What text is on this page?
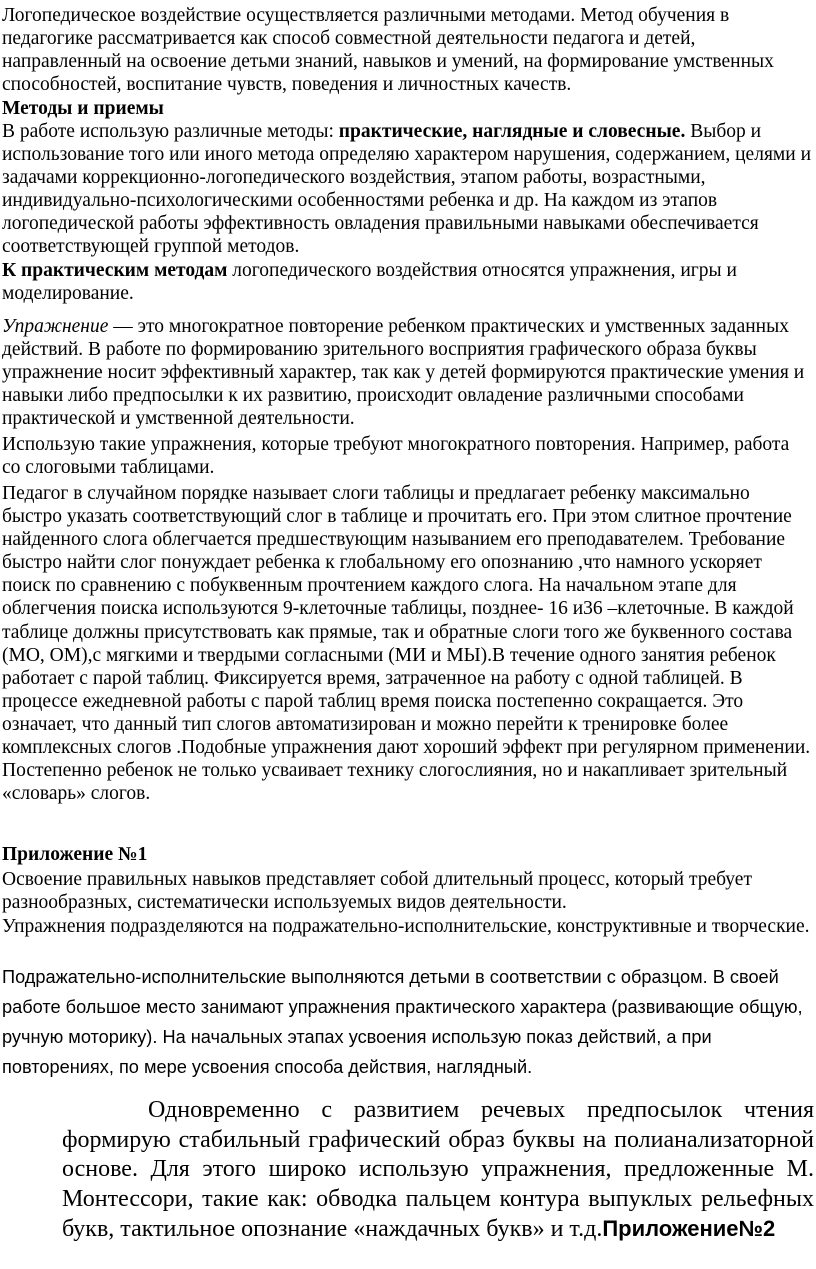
Логопедическое воздействие осуществляется различными методами. Метод обучения в педагогике рассматривается как способ совместной деятельности педагога и детей, направленный на освоение детьми знаний, навыков и умений, на формирование умственных способностей, воспитание чувств, поведения и личностных качеств.

Методы и приемы

В работе использую различные методы: практические, наглядные и словесные. Выбор и использование того или иного метода определяю характером нарушения, содержанием, целями и задачами коррекционно-логопедического воздействия, этапом работы, возрастными, индивидуально-психологическими особенностями ребенка и др. На каждом из этапов логопедической работы эффективность овладения правильными навыками обеспечивается соответствующей группой методов.

К практическим методам логопедического воздействия относятся упражнения, игры и моделирование.

Упражнение — это многократное повторение ребенком практических и умственных заданных действий. В работе по формированию зрительного восприятия графического образа буквы упражнение носит эффективный характер, так как у детей формируются практические умения и навыки либо предпосылки к их развитию, происходит овладение различными способами практической и умственной деятельности.

Использую такие упражнения, которые требуют многократного повторения. Например, работа со слоговыми таблицами.

Педагог в случайном порядке называет слоги таблицы и предлагает ребенку максимально быстро указать соответствующий слог в таблице и прочитать его. При этом слитное прочтение найденного слога облегчается предшествующим называнием его преподавателем. Требование быстро найти слог понуждает ребенка к глобальному его опознанию ,что намного ускоряет поиск по сравнению с побуквенным прочтением каждого слога. На начальном этапе для облегчения поиска используются 9-клеточные таблицы, позднее- 16 и36 –клеточные. В каждой таблице должны присутствовать как прямые, так и обратные слоги того же буквенного состава (МО, ОМ),с мягкими и твердыми согласными (МИ и МЫ).В течение одного занятия ребенок работает с парой таблиц. Фиксируется время, затраченное на работу с одной таблицей. В процессе ежедневной работы с парой таблиц время поиска постепенно сокращается. Это означает, что данный тип слогов автоматизирован и можно перейти к тренировке более комплексных слогов .Подобные упражнения дают хороший эффект при регулярном применении. Постепенно ребенок не только усваивает технику слогослияния, но и накапливает зрительный «словарь» слогов.

Приложение №1

Освоение правильных навыков представляет собой длительный процесс, который требует разнообразных, систематически используемых видов деятельности.

Упражнения подразделяются на подражательно-исполнительские, конструктивные и творческие.

Подражательно-исполнительские выполняются детьми в соответствии с образцом. В своей работе большое место занимают упражнения практического характера (развивающие общую, ручную моторику). На начальных этапах усвоения использую показ действий, а при повторениях, по мере усвоения способа действия, наглядный.

Одновременно с развитием речевых предпосылок чтения формирую стабильный графический образ буквы на полианализаторной основе. Для этого широко использую упражнения, предложенные М. Монтессори, такие как: обводка пальцем контура выпуклых рельефных букв, тактильное опознание «наждачных букв» и т.д.Приложение№2
